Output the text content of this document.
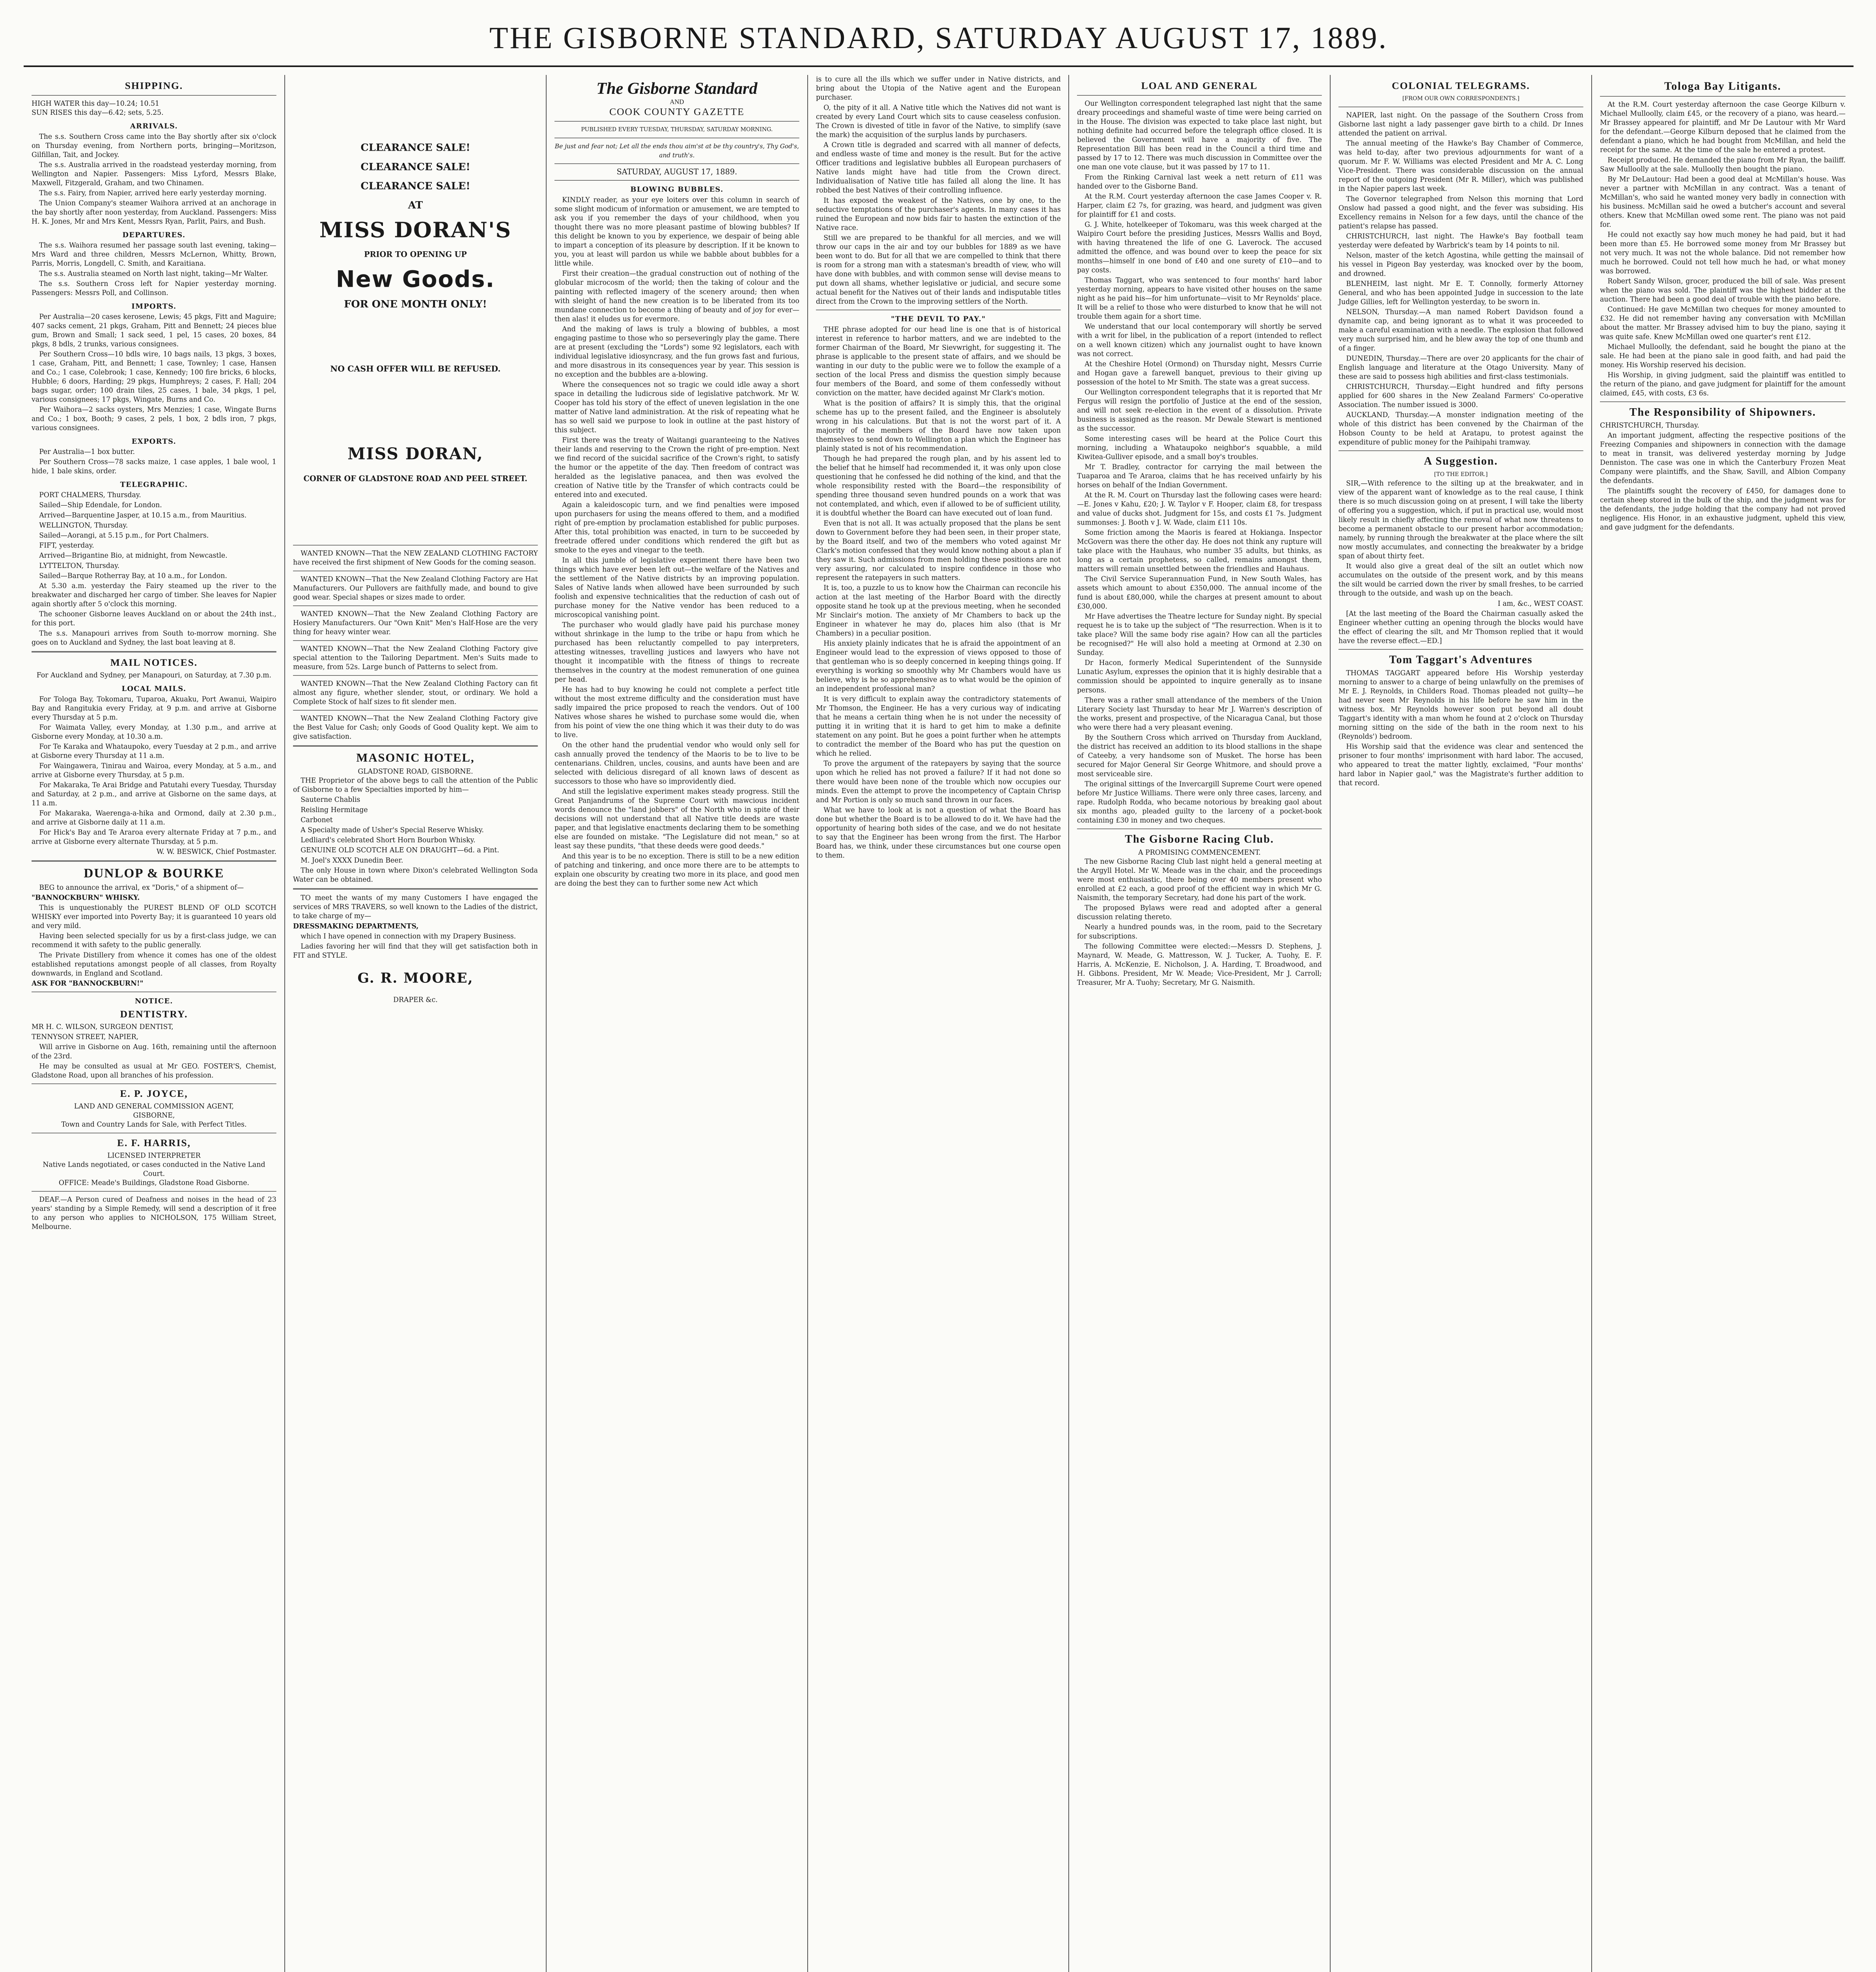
THE GISBORNE STANDARD, SATURDAY AUGUST 17, 1889.
SHIPPING.

HIGH WATER this day—10.24; 10.51

SUN RISES this day—6.42; sets, 5.25.

ARRIVALS.

The s.s. Southern Cross came into the Bay shortly after six o'clock on Thursday evening, from Northern ports, bringing—Moritzson, Gilfillan, Tait, and Jockey.

The s.s. Australia arrived in the roadstead yesterday morning, from Wellington and Napier. Passengers: Miss Lyford, Messrs Blake, Maxwell, Fitzgerald, Graham, and two Chinamen.

The s.s. Fairy, from Napier, arrived here early yesterday morning.

The Union Company's steamer Waihora arrived at an anchorage in the bay shortly after noon yesterday, from Auckland. Passengers: Miss H. K. Jones, Mr and Mrs Kent, Messrs Ryan, Parlit, Pairs, and Bush.

DEPARTURES.

The s.s. Waihora resumed her passage south last evening, taking—Mrs Ward and three children, Messrs McLernon, Whitty, Brown, Parris, Morris, Longdell, C. Smith, and Karaitiana.

The s.s. Australia steamed on North last night, taking—Mr Walter.

The s.s. Southern Cross left for Napier yesterday morning. Passengers: Messrs Poll, and Collinson.

IMPORTS.

Per Australia—20 cases kerosene, Lewis; 45 pkgs, Fitt and Maguire; 407 sacks cement, 21 pkgs, Graham, Pitt and Bennett; 24 pieces blue gum, Brown and Small; 1 sack seed, 1 pel, 15 cases, 20 boxes, 84 pkgs, 8 bdls, 2 trunks, various consignees.

Per Southern Cross—10 bdls wire, 10 bags nails, 13 pkgs, 3 boxes, 1 case, Graham, Pitt, and Bennett; 1 case, Townley; 1 case, Hansen and Co.; 1 case, Colebrook; 1 case, Kennedy; 100 fire bricks, 6 blocks, Hubble; 6 doors, Harding; 29 pkgs, Humphreys; 2 cases, F. Hall; 204 bags sugar, order; 100 drain tiles, 25 cases, 1 bale, 34 pkgs, 1 pel, various consignees; 17 pkgs, Wingate, Burns and Co.

Per Waihora—2 sacks oysters, Mrs Menzies; 1 case, Wingate Burns and Co.; 1 box, Booth; 9 cases, 2 pels, 1 box, 2 bdls iron, 7 pkgs, various consignees.

EXPORTS.

Per Australia—1 box butter.

Per Southern Cross—78 sacks maize, 1 case apples, 1 bale wool, 1 hide, 1 bale skins, order.

TELEGRAPHIC.

PORT CHALMERS, Thursday.

Sailed—Ship Edendale, for London.

Arrived—Barquentine Jasper, at 10.15 a.m., from Mauritius.

WELLINGTON, Thursday.

Sailed—Aorangi, at 5.15 p.m., for Port Chalmers.

FIFT, yesterday.

Arrived—Brigantine Bio, at midnight, from Newcastle.

LYTTELTON, Thursday.

Sailed—Barque Rotherray Bay, at 10 a.m., for London.

At 5.30 a.m. yesterday the Fairy steamed up the river to the breakwater and discharged her cargo of timber. She leaves for Napier again shortly after 5 o'clock this morning.

The schooner Gisborne leaves Auckland on or about the 24th inst., for this port.

The s.s. Manapouri arrives from South to-morrow morning. She goes on to Auckland and Sydney, the last boat leaving at 8.

MAIL NOTICES.

For Auckland and Sydney, per Manapouri, on Saturday, at 7.30 p.m.

LOCAL MAILS.

For Tologa Bay, Tokomaru, Tuparoa, Akuaku, Port Awanui, Waipiro Bay and Rangitukia every Friday, at 9 p.m. and arrive at Gisborne every Thursday at 5 p.m.

For Waimata Valley, every Monday, at 1.30 p.m., and arrive at Gisborne every Monday, at 10.30 a.m.

For Te Karaka and Whataupoko, every Tuesday at 2 p.m., and arrive at Gisborne every Thursday at 11 a.m.

For Waingawera, Tinirau and Wairoa, every Monday, at 5 a.m., and arrive at Gisborne every Thursday, at 5 p.m.

For Makaraka, Te Arai Bridge and Patutahi every Tuesday, Thursday and Saturday, at 2 p.m., and arrive at Gisborne on the same days, at 11 a.m.

For Makaraka, Waerenga-a-hika and Ormond, daily at 2.30 p.m., and arrive at Gisborne daily at 11 a.m.

For Hick's Bay and Te Araroa every alternate Friday at 7 p.m., and arrive at Gisborne every alternate Thursday, at 5 p.m.

W. W. BESWICK, Chief Postmaster.

DUNLOP & BOURKE

BEG to announce the arrival, ex "Doris," of a shipment of—

"BANNOCKBURN" WHISKY.

This is unquestionably the PUREST BLEND OF OLD SCOTCH WHISKY ever imported into Poverty Bay; it is guaranteed 10 years old and very mild.

Having been selected specially for us by a first-class judge, we can recommend it with safety to the public generally.

The Private Distillery from whence it comes has one of the oldest established reputations amongst people of all classes, from Royalty downwards, in England and Scotland.

ASK FOR "BANNOCKBURN!"

NOTICE.
DENTISTRY.

MR H. C. WILSON, SURGEON DENTIST,

TENNYSON STREET, NAPIER,

Will arrive in Gisborne on Aug. 16th, remaining until the afternoon of the 23rd.

He may be consulted as usual at Mr GEO. FOSTER'S, Chemist, Gladstone Road, upon all branches of his profession.

E. P. JOYCE,

LAND AND GENERAL COMMISSION AGENT,

GISBORNE,

Town and Country Lands for Sale, with Perfect Titles.

E. F. HARRIS,

LICENSED INTERPRETER

Native Lands negotiated, or cases conducted in the Native Land Court.

OFFICE: Meade's Buildings, Gladstone Road Gisborne.

DEAF.—A Person cured of Deafness and noises in the head of 23 years' standing by a Simple Remedy, will send a description of it free to any person who applies to NICHOLSON, 175 William Street, Melbourne.

CLEARANCE SALE!
CLEARANCE SALE!
CLEARANCE SALE!
AT
MISS DORAN'S
PRIOR TO OPENING UP
New Goods.
FOR ONE MONTH ONLY!
NO CASH OFFER WILL BE REFUSED.
MISS DORAN,
CORNER OF GLADSTONE ROAD AND PEEL STREET.

WANTED KNOWN—That the NEW ZEALAND CLOTHING FACTORY have received the first shipment of New Goods for the coming season.

WANTED KNOWN—That the New Zealand Clothing Factory are Hat Manufacturers. Our Pullovers are faithfully made, and bound to give good wear. Special shapes or sizes made to order.

WANTED KNOWN—That the New Zealand Clothing Factory are Hosiery Manufacturers. Our "Own Knit" Men's Half-Hose are the very thing for heavy winter wear.

WANTED KNOWN—That the New Zealand Clothing Factory give special attention to the Tailoring Department. Men's Suits made to measure, from 52s. Large bunch of Patterns to select from.

WANTED KNOWN—That the New Zealand Clothing Factory can fit almost any figure, whether slender, stout, or ordinary. We hold a Complete Stock of half sizes to fit slender men.

WANTED KNOWN—That the New Zealand Clothing Factory give the Best Value for Cash; only Goods of Good Quality kept. We aim to give satisfaction.

MASONIC HOTEL,

GLADSTONE ROAD, GISBORNE.

THE Proprietor of the above begs to call the attention of the Public of Gisborne to a few Specialties imported by him—

Sauterne Chablis

Reisling Hermitage

Carbonet

A Specialty made of Usher's Special Reserve Whisky.

Ledliard's celebrated Short Horn Bourbon Whisky.

GENUINE OLD SCOTCH ALE ON DRAUGHT—6d. a Pint.

M. Joel's XXXX Dunedin Beer.

The only House in town where Dixon's celebrated Wellington Soda Water can be obtained.

TO meet the wants of my many Customers I have engaged the services of MRS TRAVERS, so well known to the Ladies of the district, to take charge of my—

DRESSMAKING DEPARTMENTS,

which I have opened in connection with my Drapery Business.

Ladies favoring her will find that they will get satisfaction both in FIT and STYLE.

G. R. MOORE,

DRAPER &c.

The Gisborne Standard
AND
COOK COUNTY GAZETTE

PUBLISHED EVERY TUESDAY, THURSDAY, SATURDAY MORNING.

Be just and fear not; Let all the ends thou aim'st at be thy country's, Thy God's, and truth's.

SATURDAY, AUGUST 17, 1889.

BLOWING BUBBLES.

KINDLY reader, as your eye loiters over this column in search of some slight modicum of information or amusement, we are tempted to ask you if you remember the days of your childhood, when you thought there was no more pleasant pastime of blowing bubbles? If this delight be known to you by experience, we despair of being able to impart a conception of its pleasure by description. If it be known to you, you at least will pardon us while we babble about bubbles for a little while.

First their creation—the gradual construction out of nothing of the globular microcosm of the world; then the taking of colour and the painting with reflected imagery of the scenery around; then when with sleight of hand the new creation is to be liberated from its too mundane connection to become a thing of beauty and of joy for ever—then alas! it eludes us for evermore.

And the making of laws is truly a blowing of bubbles, a most engaging pastime to those who so perseveringly play the game. There are at present (excluding the "Lords") some 92 legislators, each with individual legislative idiosyncrasy, and the fun grows fast and furious, and more disastrous in its consequences year by year. This session is no exception and the bubbles are a-blowing.

Where the consequences not so tragic we could idle away a short space in detailing the ludicrous side of legislative patchwork. Mr W. Cooper has told his story of the effect of uneven legislation in the one matter of Native land administration. At the risk of repeating what he has so well said we purpose to look in outline at the past history of this subject.

First there was the treaty of Waitangi guaranteeing to the Natives their lands and reserving to the Crown the right of pre-emption. Next we find record of the suicidal sacrifice of the Crown's right, to satisfy the humor or the appetite of the day. Then freedom of contract was heralded as the legislative panacea, and then was evolved the creation of Native title by the Transfer of which contracts could be entered into and executed.

Again a kaleidoscopic turn, and we find penalties were imposed upon purchasers for using the means offered to them, and a modified right of pre-emption by proclamation established for public purposes. After this, total prohibition was enacted, in turn to be succeeded by freetrade offered under conditions which rendered the gift but as smoke to the eyes and vinegar to the teeth.

In all this jumble of legislative experiment there have been two things which have ever been left out—the welfare of the Natives and the settlement of the Native districts by an improving population. Sales of Native lands when allowed have been surrounded by such foolish and expensive technicalities that the reduction of cash out of purchase money for the Native vendor has been reduced to a microscopical vanishing point.

The purchaser who would gladly have paid his purchase money without shrinkage in the lump to the tribe or hapu from which he purchased has been reluctantly compelled to pay interpreters, attesting witnesses, travelling justices and lawyers who have not thought it incompatible with the fitness of things to recreate themselves in the country at the modest remuneration of one guinea per head.

He has had to buy knowing he could not complete a perfect title without the most extreme difficulty and the consideration must have sadly impaired the price proposed to reach the vendors. Out of 100 Natives whose shares he wished to purchase some would die, when from his point of view the one thing which it was their duty to do was to live.

On the other hand the prudential vendor who would only sell for cash annually proved the tendency of the Maoris to be to live to be centenarians. Children, uncles, cousins, and aunts have been and are selected with delicious disregard of all known laws of descent as successors to those who have so improvidently died.

And still the legislative experiment makes steady progress. Still the Great Panjandrums of the Supreme Court with mawcious incident words denounce the "land jobbers" of the North who in spite of their decisions will not understand that all Native title deeds are waste paper, and that legislative enactments declaring them to be something else are founded on mistake. "The Legislature did not mean," so at least say these pundits, "that these deeds were good deeds."

And this year is to be no exception. There is still to be a new edition of patching and tinkering, and once more there are to be attempts to explain one obscurity by creating two more in its place, and good men are doing the best they can to further some new Act which

is to cure all the ills which we suffer under in Native districts, and bring about the Utopia of the Native agent and the European purchaser.

O, the pity of it all. A Native title which the Natives did not want is created by every Land Court which sits to cause ceaseless confusion. The Crown is divested of title in favor of the Native, to simplify (save the mark) the acquisition of the surplus lands by purchasers.

A Crown title is degraded and scarred with all manner of defects, and endless waste of time and money is the result. But for the active Officer traditions and legislative bubbles all European purchasers of Native lands might have had title from the Crown direct. Individualisation of Native title has failed all along the line. It has robbed the best Natives of their controlling influence.

It has exposed the weakest of the Natives, one by one, to the seductive temptations of the purchaser's agents. In many cases it has ruined the European and now bids fair to hasten the extinction of the Native race.

Still we are prepared to be thankful for all mercies, and we will throw our caps in the air and toy our bubbles for 1889 as we have been wont to do. But for all that we are compelled to think that there is room for a strong man with a statesman's breadth of view, who will have done with bubbles, and with common sense will devise means to put down all shams, whether legislative or judicial, and secure some actual benefit for the Natives out of their lands and indisputable titles direct from the Crown to the improving settlers of the North.

"THE DEVIL TO PAY."

THE phrase adopted for our head line is one that is of historical interest in reference to harbor matters, and we are indebted to the former Chairman of the Board, Mr Sievwright, for suggesting it. The phrase is applicable to the present state of affairs, and we should be wanting in our duty to the public were we to follow the example of a section of the local Press and dismiss the question simply because four members of the Board, and some of them confessedly without conviction on the matter, have decided against Mr Clark's motion.

What is the position of affairs? It is simply this, that the original scheme has up to the present failed, and the Engineer is absolutely wrong in his calculations. But that is not the worst part of it. A majority of the members of the Board have now taken upon themselves to send down to Wellington a plan which the Engineer has plainly stated is not of his recommendation.

Though he had prepared the rough plan, and by his assent led to the belief that he himself had recommended it, it was only upon close questioning that he confessed he did nothing of the kind, and that the whole responsibility rested with the Board—the responsibility of spending three thousand seven hundred pounds on a work that was not contemplated, and which, even if allowed to be of sufficient utility, it is doubtful whether the Board can have executed out of loan fund.

Even that is not all. It was actually proposed that the plans be sent down to Government before they had been seen, in their proper state, by the Board itself, and two of the members who voted against Mr Clark's motion confessed that they would know nothing about a plan if they saw it. Such admissions from men holding these positions are not very assuring, nor calculated to inspire confidence in those who represent the ratepayers in such matters.

It is, too, a puzzle to us to know how the Chairman can reconcile his action at the last meeting of the Harbor Board with the directly opposite stand he took up at the previous meeting, when he seconded Mr Sinclair's motion. The anxiety of Mr Chambers to back up the Engineer in whatever he may do, places him also (that is Mr Chambers) in a peculiar position.

His anxiety plainly indicates that he is afraid the appointment of an Engineer would lead to the expression of views opposed to those of that gentleman who is so deeply concerned in keeping things going. If everything is working so smoothly why Mr Chambers would have us believe, why is he so apprehensive as to what would be the opinion of an independent professional man?

It is very difficult to explain away the contradictory statements of Mr Thomson, the Engineer. He has a very curious way of indicating that he means a certain thing when he is not under the necessity of putting it in writing that it is hard to get him to make a definite statement on any point. But he goes a point further when he attempts to contradict the member of the Board who has put the question on which he relied.

To prove the argument of the ratepayers by saying that the source upon which he relied has not proved a failure? If it had not done so there would have been none of the trouble which now occupies our minds. Even the attempt to prove the incompetency of Captain Chrisp and Mr Portion is only so much sand thrown in our faces.

What we have to look at is not a question of what the Board has done but whether the Board is to be allowed to do it. We have had the opportunity of hearing both sides of the case, and we do not hesitate to say that the Engineer has been wrong from the first. The Harbor Board has, we think, under these circumstances but one course open to them.

LOAL AND GENERAL

Our Wellington correspondent telegraphed last night that the same dreary proceedings and shameful waste of time were being carried on in the House. The division was expected to take place last night, but nothing definite had occurred before the telegraph office closed. It is believed the Government will have a majority of five. The Representation Bill has been read in the Council a third time and passed by 17 to 12. There was much discussion in Committee over the one man one vote clause, but it was passed by 17 to 11.

From the Rinking Carnival last week a nett return of £11 was handed over to the Gisborne Band.

At the R.M. Court yesterday afternoon the case James Cooper v. R. Harper, claim £2 7s, for grazing, was heard, and judgment was given for plaintiff for £1 and costs.

G. J. White, hotelkeeper of Tokomaru, was this week charged at the Waipiro Court before the presiding Justices, Messrs Wallis and Boyd, with having threatened the life of one G. Laverock. The accused admitted the offence, and was bound over to keep the peace for six months—himself in one bond of £40 and one surety of £10—and to pay costs.

Thomas Taggart, who was sentenced to four months' hard labor yesterday morning, appears to have visited other houses on the same night as he paid his—for him unfortunate—visit to Mr Reynolds' place. It will be a relief to those who were disturbed to know that he will not trouble them again for a short time.

We understand that our local contemporary will shortly be served with a writ for libel, in the publication of a report (intended to reflect on a well known citizen) which any journalist ought to have known was not correct.

At the Cheshire Hotel (Ormond) on Thursday night, Messrs Currie and Hogan gave a farewell banquet, previous to their giving up possession of the hotel to Mr Smith. The state was a great success.

Our Wellington correspondent telegraphs that it is reported that Mr Fergus will resign the portfolio of Justice at the end of the session, and will not seek re-election in the event of a dissolution. Private business is assigned as the reason. Mr Dewale Stewart is mentioned as the successor.

Some interesting cases will be heard at the Police Court this morning, including a Whataupoko neighbor's squabble, a mild Kiwitea-Gulliver episode, and a small boy's troubles.

Mr T. Bradley, contractor for carrying the mail between the Tuaparoa and Te Araroa, claims that he has received unfairly by his horses on behalf of the Indian Government.

At the R. M. Court on Thursday last the following cases were heard:—E. Jones v Kahu, £20; J. W. Taylor v F. Hooper, claim £8, for trespass and value of ducks shot. Judgment for 15s, and costs £1 7s. Judgment summonses: J. Booth v J. W. Wade, claim £11 10s.

Some friction among the Maoris is feared at Hokianga. Inspector McGovern was there the other day. He does not think any rupture will take place with the Hauhaus, who number 35 adults, but thinks, as long as a certain prophetess, so called, remains amongst them, matters will remain unsettled between the friendlies and Hauhaus.

The Civil Service Superannuation Fund, in New South Wales, has assets which amount to about £350,000. The annual income of the fund is about £80,000, while the charges at present amount to about £30,000.

Mr Have advertises the Theatre lecture for Sunday night. By special request he is to take up the subject of "The resurrection. When is it to take place? Will the same body rise again? How can all the particles be recognised?" He will also hold a meeting at Ormond at 2.30 on Sunday.

Dr Hacon, formerly Medical Superintendent of the Sunnyside Lunatic Asylum, expresses the opinion that it is highly desirable that a commission should be appointed to inquire generally as to insane persons.

There was a rather small attendance of the members of the Union Literary Society last Thursday to hear Mr J. Warren's description of the works, present and prospective, of the Nicaragua Canal, but those who were there had a very pleasant evening.

By the Southern Cross which arrived on Thursday from Auckland, the district has received an addition to its blood stallions in the shape of Cateeby, a very handsome son of Musket. The horse has been secured for Major General Sir George Whitmore, and should prove a most serviceable sire.

The original sittings of the Invercargill Supreme Court were opened before Mr Justice Williams. There were only three cases, larceny, and rape. Rudolph Rodda, who became notorious by breaking gaol about six months ago, pleaded guilty to the larceny of a pocket-book containing £30 in money and two cheques.

The Gisborne Racing Club.

A PROMISING COMMENCEMENT.

The new Gisborne Racing Club last night held a general meeting at the Argyll Hotel. Mr W. Meade was in the chair, and the proceedings were most enthusiastic, there being over 40 members present who enrolled at £2 each, a good proof of the efficient way in which Mr G. Naismith, the temporary Secretary, had done his part of the work.

The proposed Bylaws were read and adopted after a general discussion relating thereto.

Nearly a hundred pounds was, in the room, paid to the Secretary for subscriptions.

The following Committee were elected:—Messrs D. Stephens, J. Maynard, W. Meade, G. Mattresson, W. J. Tucker, A. Tuohy, E. F. Harris, A. McKenzie, E. Nicholson, J. A. Harding, T. Broadwood, and H. Gibbons. President, Mr W. Meade; Vice-President, Mr J. Carroll; Treasurer, Mr A. Tuohy; Secretary, Mr G. Naismith.

COLONIAL TELEGRAMS.

[FROM OUR OWN CORRESPONDENTS.]

NAPIER, last night. On the passage of the Southern Cross from Gisborne last night a lady passenger gave birth to a child. Dr Innes attended the patient on arrival.

The annual meeting of the Hawke's Bay Chamber of Commerce, was held to-day, after two previous adjournments for want of a quorum. Mr F. W. Williams was elected President and Mr A. C. Long Vice-President. There was considerable discussion on the annual report of the outgoing President (Mr R. Miller), which was published in the Napier papers last week.

The Governor telegraphed from Nelson this morning that Lord Onslow had passed a good night, and the fever was subsiding. His Excellency remains in Nelson for a few days, until the chance of the patient's relapse has passed.

CHRISTCHURCH, last night. The Hawke's Bay football team yesterday were defeated by Warbrick's team by 14 points to nil.

Nelson, master of the ketch Agostina, while getting the mainsail of his vessel in Pigeon Bay yesterday, was knocked over by the boom, and drowned.

BLENHEIM, last night. Mr E. T. Connolly, formerly Attorney General, and who has been appointed Judge in succession to the late Judge Gillies, left for Wellington yesterday, to be sworn in.

NELSON, Thursday.—A man named Robert Davidson found a dynamite cap, and being ignorant as to what it was proceeded to make a careful examination with a needle. The explosion that followed very much surprised him, and he blew away the top of one thumb and of a finger.

DUNEDIN, Thursday.—There are over 20 applicants for the chair of English language and literature at the Otago University. Many of these are said to possess high abilities and first-class testimonials.

CHRISTCHURCH, Thursday.—Eight hundred and fifty persons applied for 600 shares in the New Zealand Farmers' Co-operative Association. The number issued is 3000.

AUCKLAND, Thursday.—A monster indignation meeting of the whole of this district has been convened by the Chairman of the Hobson County to be held at Aratapu, to protest against the expenditure of public money for the Paihipahi tramway.

A Suggestion.

[TO THE EDITOR.]

SIR,—With reference to the silting up at the breakwater, and in view of the apparent want of knowledge as to the real cause, I think there is so much discussion going on at present, I will take the liberty of offering you a suggestion, which, if put in practical use, would most likely result in chiefly affecting the removal of what now threatens to become a permanent obstacle to our present harbor accommodation; namely, by running through the breakwater at the place where the silt now mostly accumulates, and connecting the breakwater by a bridge span of about thirty feet.

It would also give a great deal of the silt an outlet which now accumulates on the outside of the present work, and by this means the silt would be carried down the river by small freshes, to be carried through to the outside, and wash up on the beach.

I am, &c., WEST COAST.

[At the last meeting of the Board the Chairman casually asked the Engineer whether cutting an opening through the blocks would have the effect of clearing the silt, and Mr Thomson replied that it would have the reverse effect.—ED.]

Tom Taggart's Adventures

THOMAS TAGGART appeared before His Worship yesterday morning to answer to a charge of being unlawfully on the premises of Mr E. J. Reynolds, in Childers Road. Thomas pleaded not guilty—he had never seen Mr Reynolds in his life before he saw him in the witness box. Mr Reynolds however soon put beyond all doubt Taggart's identity with a man whom he found at 2 o'clock on Thursday morning sitting on the side of the bath in the room next to his (Reynolds') bedroom.

His Worship said that the evidence was clear and sentenced the prisoner to four months' imprisonment with hard labor. The accused, who appeared to treat the matter lightly, exclaimed, "Four months' hard labor in Napier gaol," was the Magistrate's further addition to that record.

Tologa Bay Litigants.

At the R.M. Court yesterday afternoon the case George Kilburn v. Michael Mulloolly, claim £45, or the recovery of a piano, was heard.—Mr Brassey appeared for plaintiff, and Mr De Lautour with Mr Ward for the defendant.—George Kilburn deposed that he claimed from the defendant a piano, which he had bought from McMillan, and held the receipt for the same. At the time of the sale he entered a protest.

Receipt produced. He demanded the piano from Mr Ryan, the bailiff. Saw Mulloolly at the sale. Mulloolly then bought the piano.

By Mr DeLautour: Had been a good deal at McMillan's house. Was never a partner with McMillan in any contract. Was a tenant of McMillan's, who said he wanted money very badly in connection with his business. McMillan said he owed a butcher's account and several others. Knew that McMillan owed some rent. The piano was not paid for.

He could not exactly say how much money he had paid, but it had been more than £5. He borrowed some money from Mr Brassey but not very much. It was not the whole balance. Did not remember how much he borrowed. Could not tell how much he had, or what money was borrowed.

Robert Sandy Wilson, grocer, produced the bill of sale. Was present when the piano was sold. The plaintiff was the highest bidder at the auction. There had been a good deal of trouble with the piano before.

Continued: He gave McMillan two cheques for money amounted to £32. He did not remember having any conversation with McMillan about the matter. Mr Brassey advised him to buy the piano, saying it was quite safe. Knew McMillan owed one quarter's rent £12.

Michael Mulloolly, the defendant, said he bought the piano at the sale. He had been at the piano sale in good faith, and had paid the money. His Worship reserved his decision.

His Worship, in giving judgment, said the plaintiff was entitled to the return of the piano, and gave judgment for plaintiff for the amount claimed, £45, with costs, £3 6s.

The Responsibility of Shipowners.

CHRISTCHURCH, Thursday.

An important judgment, affecting the respective positions of the Freezing Companies and shipowners in connection with the damage to meat in transit, was delivered yesterday morning by Judge Denniston. The case was one in which the Canterbury Frozen Meat Company were plaintiffs, and the Shaw, Savill, and Albion Company the defendants.

The plaintiffs sought the recovery of £450, for damages done to certain sheep stored in the bulk of the ship, and the judgment was for the defendants, the judge holding that the company had not proved negligence. His Honor, in an exhaustive judgment, upheld this view, and gave judgment for the defendants.
